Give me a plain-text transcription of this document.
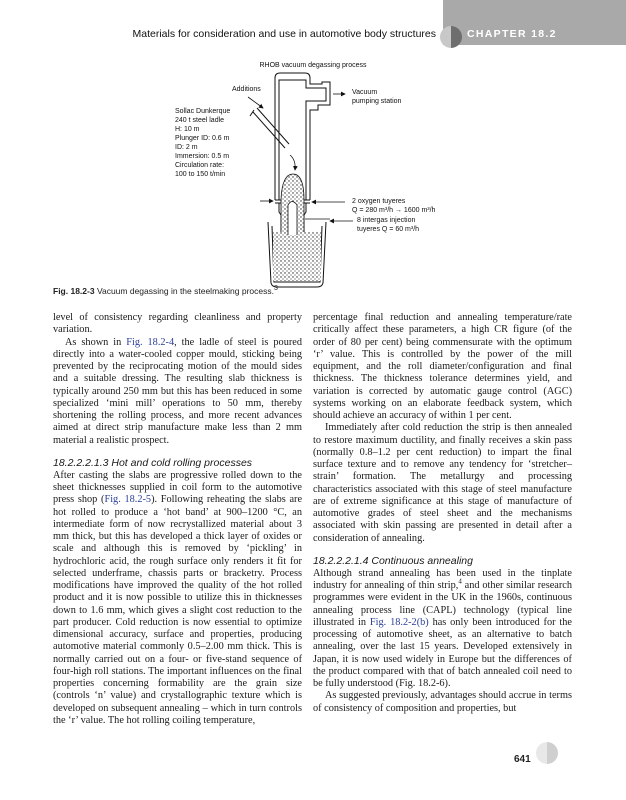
Materials for consideration and use in automotive body structures	CHAPTER 18.2
RHOB vacuum degassing process
Additions	Vacuum
pumping station
Sollac Dunkerque
240 t steel ladle
H: 10 m
Plunger ID: 0.6 m
ID: 2 m
Immersion: 0.5 m
Circulation rate:
100 to 150 t/min
2 oxygen tuyeres
Q = 280 m³/h → 1600 m³/h
8 intergas injection
tuyeres Q = 60 m³/h
Fig. 18.2-3 Vacuum degassing in the steelmaking process.$^3$

level of consistency regarding cleanliness and property variation.

As shown in Fig. 18.2-4, the ladle of steel is poured directly into a water-cooled copper mould, sticking being prevented by the reciprocating motion of the mould sides and a suitable dressing. The resulting slab thickness is typically around 250 mm but this has been reduced in some specialized ‘mini mill’ operations to 50 mm, thereby shortening the rolling process, and more recent advances aimed at direct strip manufacture make less than 2 mm material a realistic prospect.

18.2.2.2.1.3 Hot and cold rolling processes

After casting the slabs are progressive rolled down to the sheet thicknesses supplied in coil form to the automotive press shop (Fig. 18.2-5). Following reheating the slabs are hot rolled to produce a ‘hot band’ at 900–1200 °C, an intermediate form of now recrystallized material about 3 mm thick, but this has developed a thick layer of oxides or scale and although this is removed by ‘pickling’ in hydrochloric acid, the rough surface only renders it fit for selected underframe, chassis parts or bracketry. Process modifications have improved the quality of the hot rolled product and it is now possible to utilize this in thicknesses down to 1.6 mm, which gives a slight cost reduction to the part producer. Cold reduction is now essential to optimize dimensional accuracy, surface and properties, producing automotive material commonly 0.5–2.00 mm thick. This is normally carried out on a four- or five-stand sequence of four-high roll stations. The important influences on the final properties concerning formability are the grain size (controls ‘n’ value) and crystallographic texture which is developed on subsequent annealing – which in turn controls the ‘r’ value. The hot rolling coiling temperature,

percentage final reduction and annealing temperature/rate critically affect these parameters, a high CR figure (of the order of 80 per cent) being commensurate with the optimum ‘r’ value. This is controlled by the power of the mill equipment, and the roll diameter/configuration and final thickness. The thickness tolerance determines yield, and variation is corrected by automatic gauge control (AGC) systems working on an elaborate feedback system, which should achieve an accuracy of within 1 per cent.

Immediately after cold reduction the strip is then annealed to restore maximum ductility, and finally receives a skin pass (normally 0.8–1.2 per cent reduction) to impart the final surface texture and to remove any tendency for ‘stretcher–strain’ formation. The metallurgy and processing characteristics associated with this stage of steel manufacture are of extreme significance at this stage of manufacture of automotive grades of steel sheet and the mechanisms associated with skin passing are presented in detail after a consideration of annealing.

18.2.2.2.1.4 Continuous annealing

Although strand annealing has been used in the tinplate industry for annealing of thin strip,$^4$ and other similar research programmes were evident in the UK in the 1960s, continuous annealing process line (CAPL) technology (typical line illustrated in Fig. 18.2-2(b) has only been introduced for the processing of automotive sheet, as an alternative to batch annealing, over the last 15 years. Developed extensively in Japan, it is now used widely in Europe but the differences of the product compared with that of batch annealed coil need to be fully understood (Fig. 18.2-6).

As suggested previously, advantages should accrue in terms of consistency of composition and properties, but

641
